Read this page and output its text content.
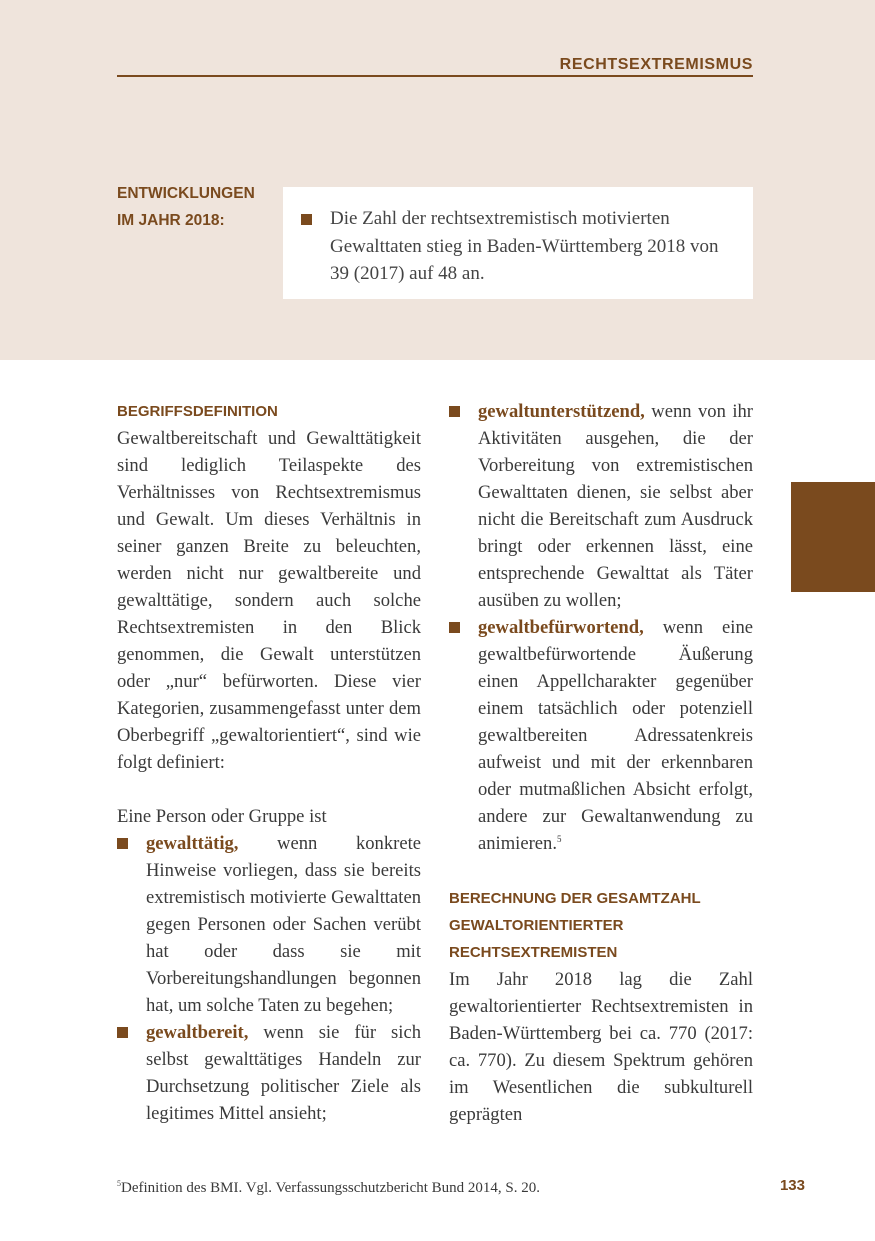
RECHTSEXTREMISMUS
ENTWICKLUNGEN
IM JAHR 2018:	Die Zahl der rechtsextremistisch motivierten Gewalttaten stieg in Baden-Württemberg 2018 von 39 (2017) auf 48 an.
BEGRIFFSDEFINITION

Gewaltbereitschaft und Gewalttätigkeit sind lediglich Teilaspekte des Verhältnisses von Rechtsextremismus und Gewalt. Um dieses Verhältnis in seiner ganzen Breite zu beleuchten, werden nicht nur gewaltbereite und gewalttätige, sondern auch solche Rechtsextremisten in den Blick genommen, die Gewalt unterstützen oder „nur“ befürworten. Diese vier Kategorien, zusammengefasst unter dem Oberbegriff „gewaltorientiert“, sind wie folgt definiert:

Eine Person oder Gruppe ist
gewalttätig, wenn konkrete Hinweise vorliegen, dass sie bereits extremistisch motivierte Gewalttaten gegen Personen oder Sachen verübt hat oder dass sie mit Vorbereitungshandlungen begonnen hat, um solche Taten zu begehen;
gewaltbereit, wenn sie für sich selbst gewalttätiges Handeln zur Durchsetzung politischer Ziele als legitimes Mittel ansieht;
gewaltunterstützend, wenn von ihr Aktivitäten ausgehen, die der Vorbereitung von extremistischen Gewalttaten dienen, sie selbst aber nicht die Bereitschaft zum Ausdruck bringt oder erkennen lässt, eine entsprechende Gewalttat als Täter ausüben zu wollen;
gewaltbefürwortend, wenn eine gewaltbefürwortende Äußerung einen Appellcharakter gegenüber einem tatsächlich oder potenziell gewaltbereiten Adressatenkreis aufweist und mit der erkennbaren oder mutmaßlichen Absicht erfolgt, andere zur Gewaltanwendung zu animieren.$^5$
BERECHNUNG DER GESAMTZAHL GEWALTORIENTIERTER RECHTSEXTREMISTEN

Im Jahr 2018 lag die Zahl gewaltorientierter Rechtsextremisten in Baden-Württemberg bei ca. 770 (2017: ca. 770). Zu diesem Spektrum gehören im Wesentlichen die subkulturell geprägten

$^5$Definition des BMI. Vgl. Verfassungsschutzbericht Bund 2014, S. 20.	133
